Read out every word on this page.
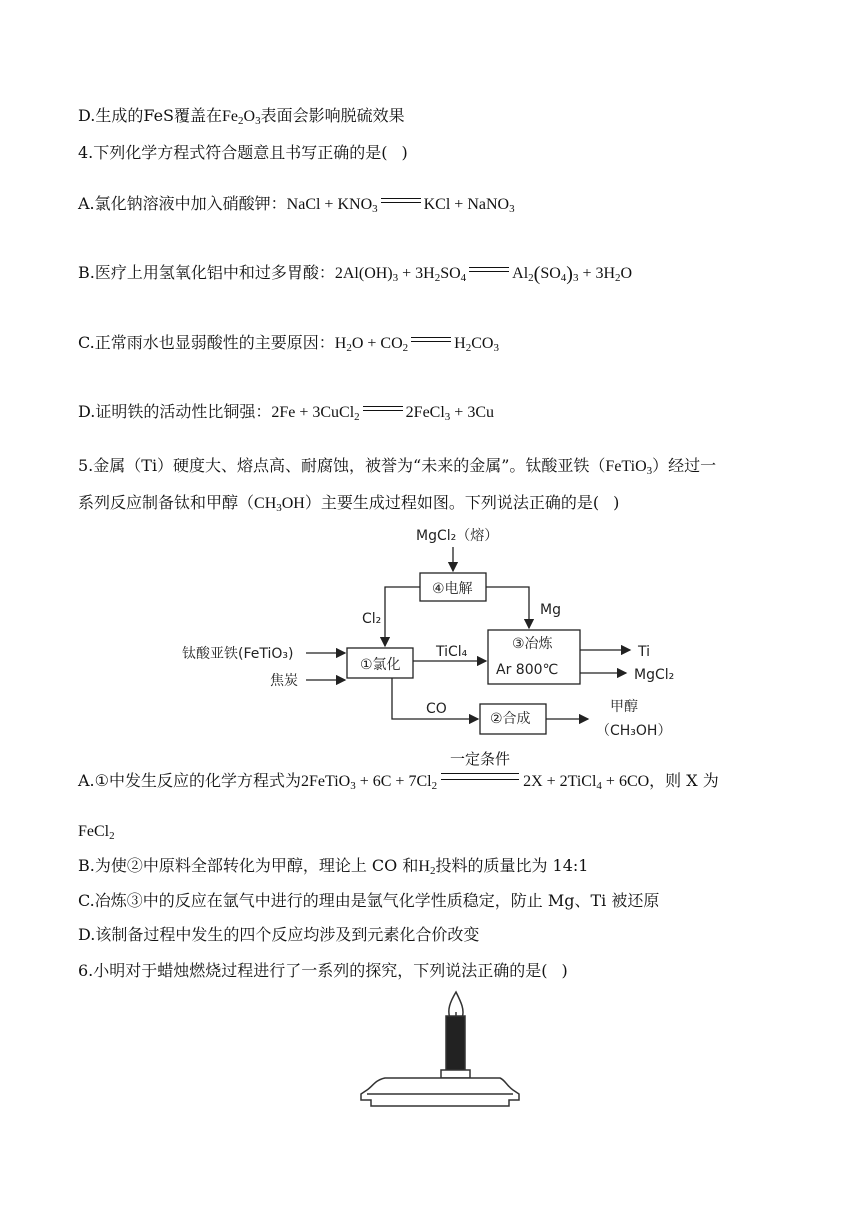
D.生成的FeS覆盖在$Fe_2O_3$表面会影响脱硫效果
4.下列化学方程式符合题意且书写正确的是( )
A.氯化钠溶液中加入硝酸钾：NaCl + $KNO_3$	KCl + NaNO$_3$
B.医疗上用氢氧化铝中和过多胃酸：$2Al(OH)_3 + 3H_2SO_4$	$Al_2(SO_4)_3 + 3H_2O$
C.正常雨水也显弱酸性的主要原因：$H_2O + CO_2$	$H_2CO_3$
D.证明铁的活动性比铜强：2Fe + 3CuCl$_2$	2FeCl$_3$ + 3Cu
5.金属（Ti）硬度大、熔点高、耐腐蚀，被誉为“未来的金属”。钛酸亚铁（FeTiO$_3$）经过一
系列反应制备钛和甲醇$(CH_3OH)$主要生成过程如图。下列说法正确的是( )
MgCl₂（熔）
④电解
Cl₂
Mg
钛酸亚铁(FeTiO₃)
焦炭
①氯化
TiCl₄	③冶炼
Ar 800℃
Ti
MgCl₂
CO
②合成
甲醇
（CH₃OH）
A.①中发生反应的化学方程式为2FeTiO$_3$ + $6C + 7Cl_2$
一定条件
2X + 2TiCl$_4$ + 6CO，则 X 为
FeCl$_2$
B.为使②中原料全部转化为甲醇，理论上 CO 和$H_2$投料的质量比为 14:1
C.冶炼③中的反应在氩气中进行的理由是氩气化学性质稳定，防止 Mg、Ti 被还原
D.该制备过程中发生的四个反应均涉及到元素化合价改变
6.小明对于蜡烛燃烧过程进行了一系列的探究，下列说法正确的是( )
